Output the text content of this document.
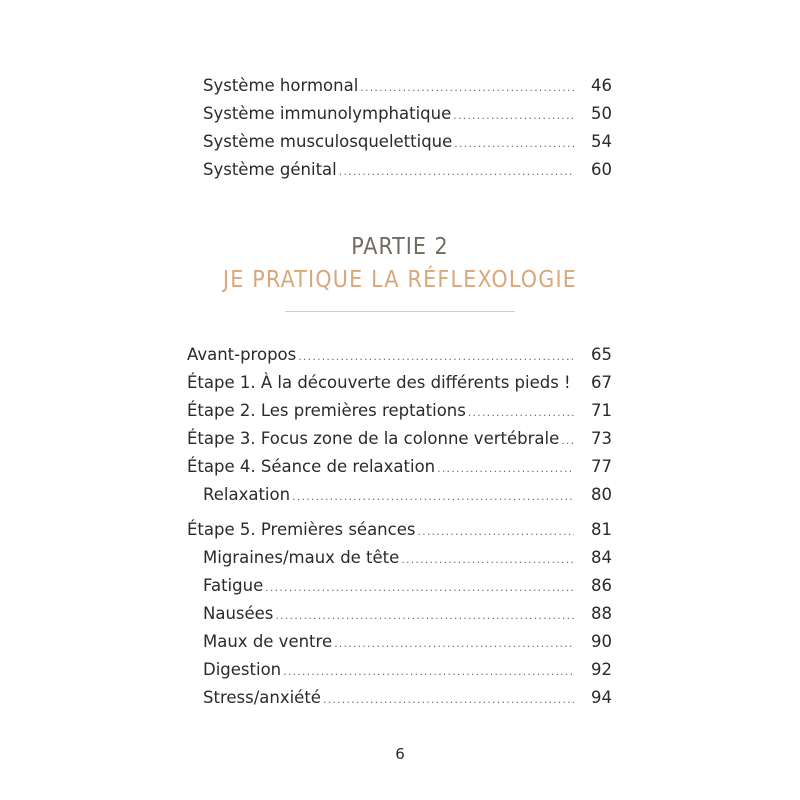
Système hormonal .....	46
Système immunolymphatique .....	50
Système musculosquelettique .....	54
Système génital .....	60
PARTIE 2
JE PRATIQUE LA RÉFLEXOLOGIE
Avant-propos .....	65
Étape 1. À la découverte des différents pieds ! .....	67
Étape 2. Les premières reptations .....	71
Étape 3. Focus zone de la colonne vertébrale .....	73
Étape 4. Séance de relaxation .....	77
Relaxation .....	80
Étape 5. Premières séances .....	81
Migraines/maux de tête .....	84
Fatigue .....	86
Nausées .....	88
Maux de ventre .....	90
Digestion .....	92
Stress/anxiété .....	94
6
